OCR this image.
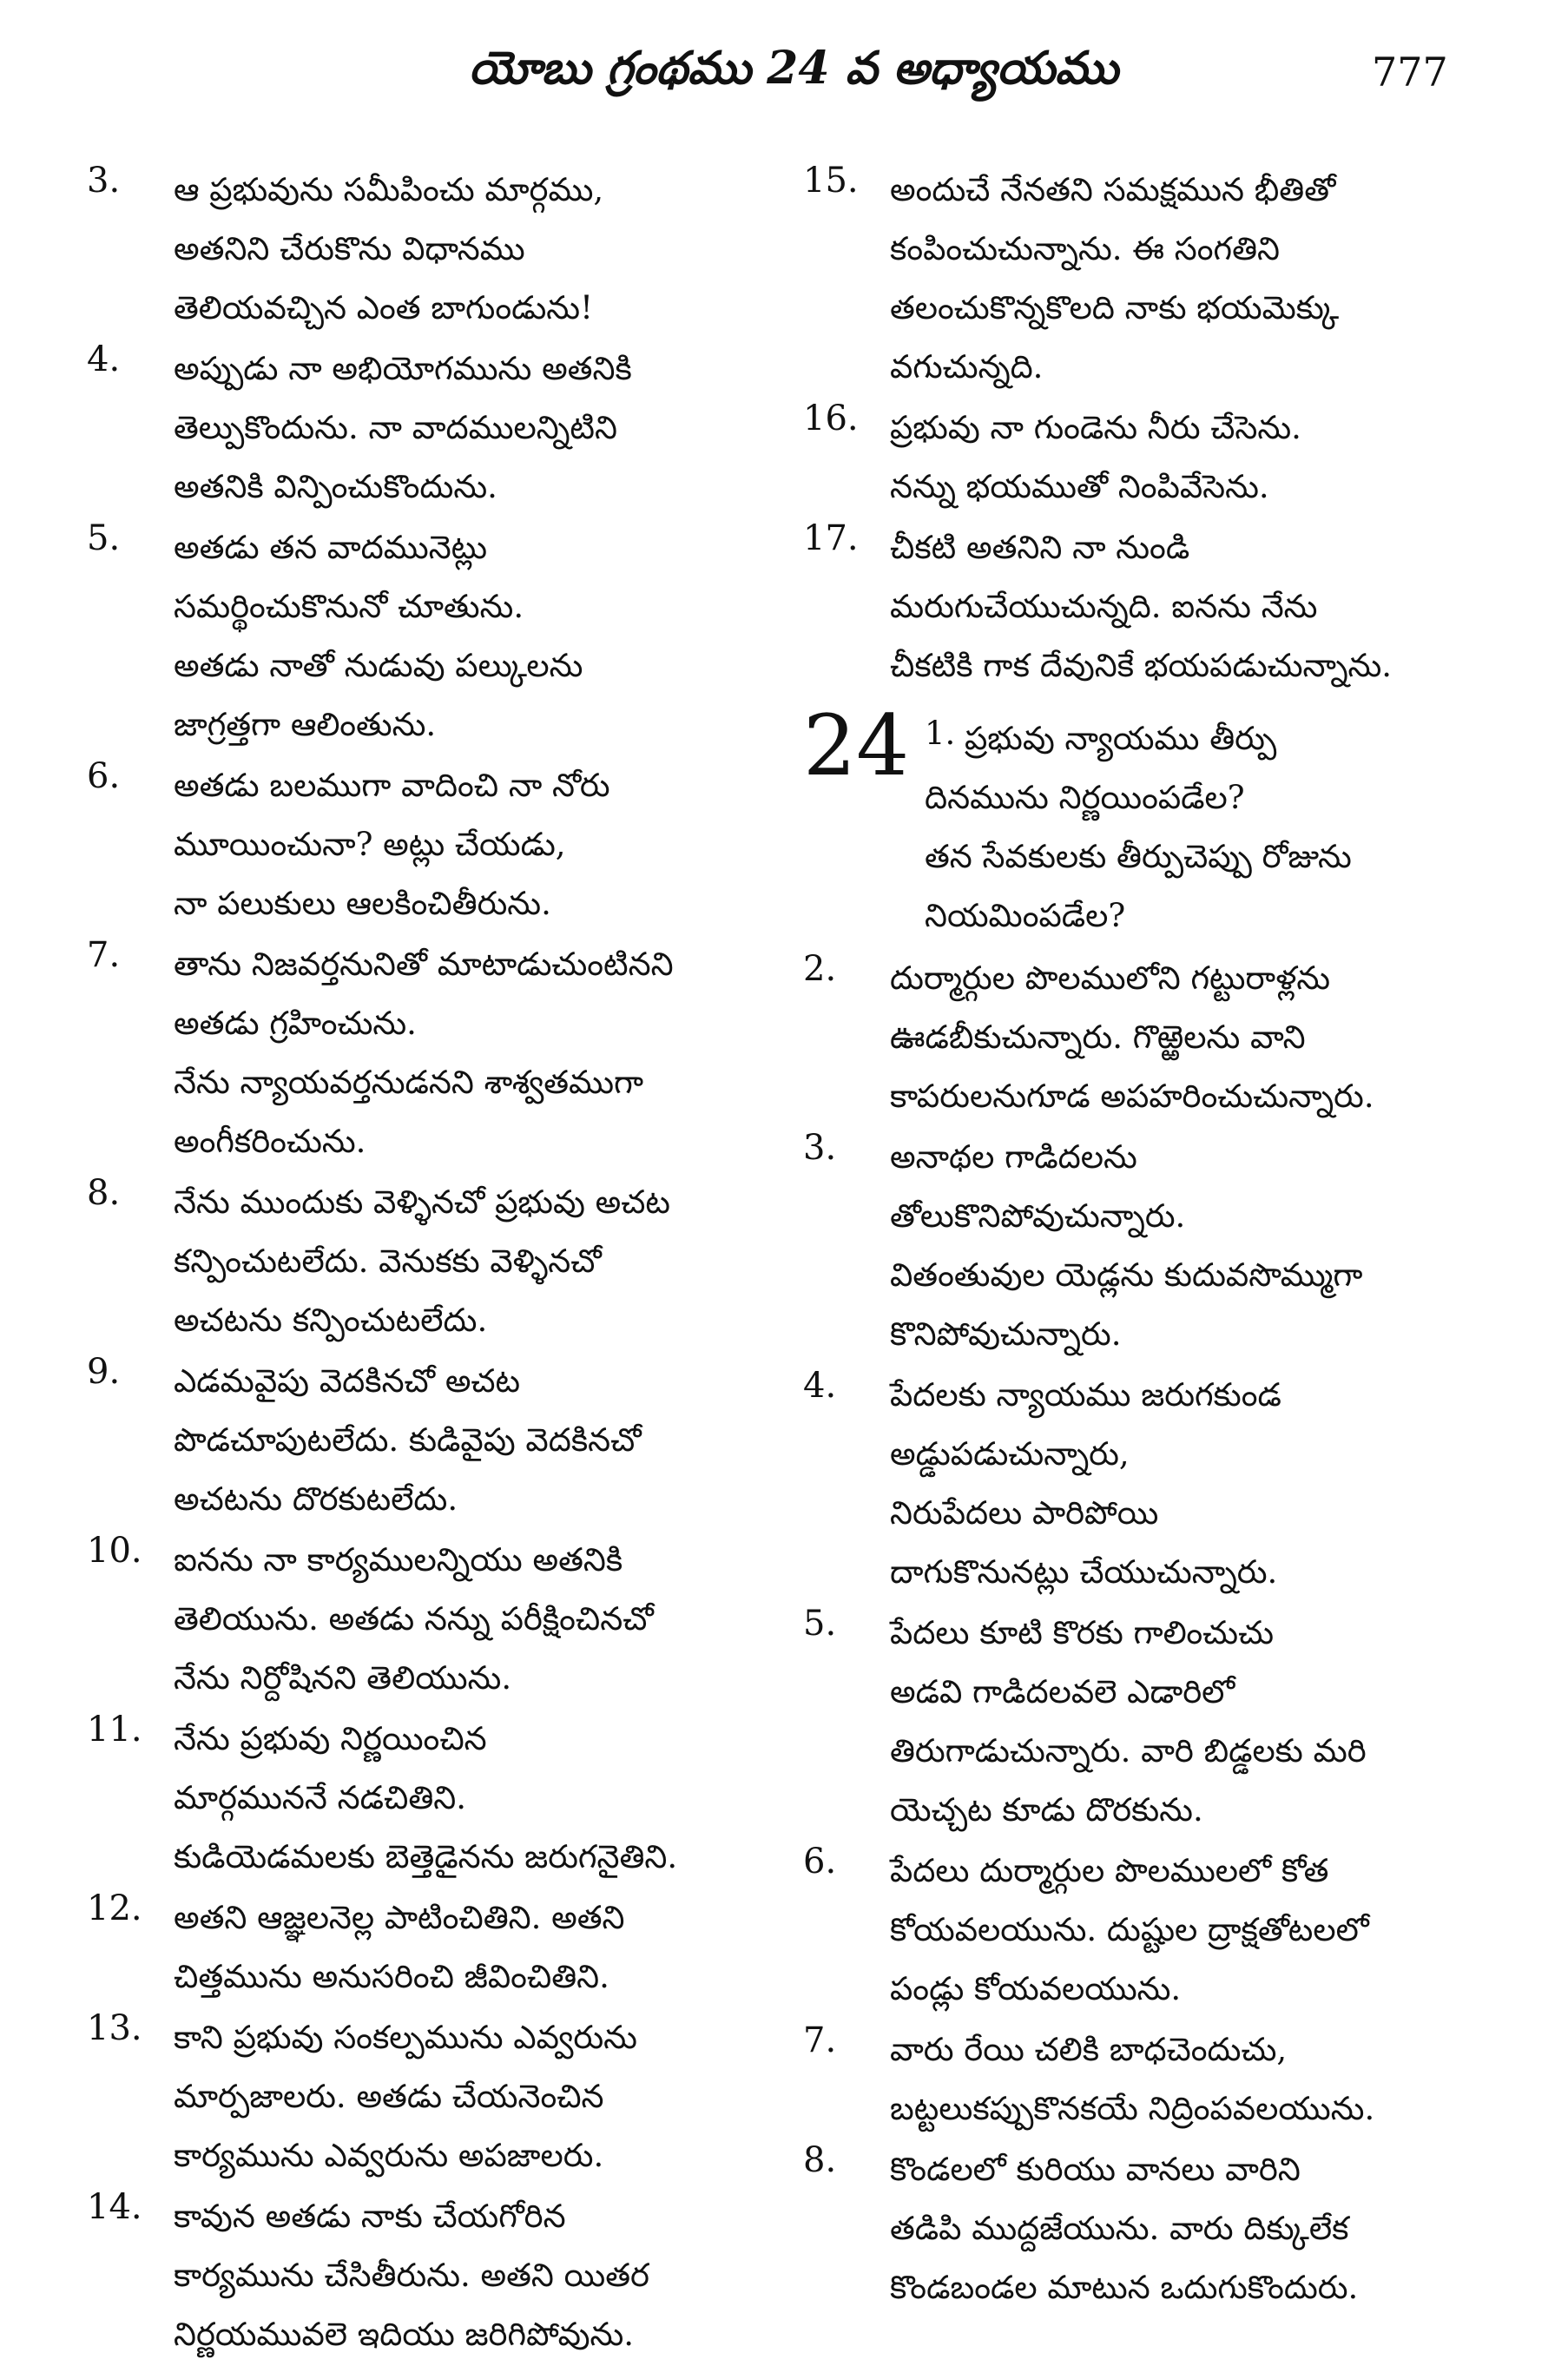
యోబు గ్రంథము 24 వ అధ్యాయము	777
3. ఆ ప్రభువును సమీపించు మార్గము,
అతనిని చేరుకొను విధానము
తెలియవచ్చిన ఎంత బాగుండును!
4. అప్పుడు నా అభియోగమును అతనికి
తెల్పుకొందును. నా వాదములన్నిటిని
అతనికి విన్పించుకొందును.
5. అతడు తన వాదమునెట్లు
సమర్థించుకొనునో చూతును.
అతడు నాతో నుడువు పల్కులను
జాగ్రత్తగా ఆలింతును.
6. అతడు బలముగా వాదించి నా నోరు
మూయించునా? అట్లు చేయడు,
నా పలుకులు ఆలకించితీరును.
7. తాను నిజవర్తనునితో మాటాడుచుంటినని
అతడు గ్రహించును.
నేను న్యాయవర్తనుడనని శాశ్వతముగా
అంగీకరించును.
8. నేను ముందుకు వెళ్ళినచో ప్రభువు అచట
కన్పించుటలేదు. వెనుకకు వెళ్ళినచో
అచటను కన్పించుటలేదు.
9. ఎడమవైపు వెదకినచో అచట
పొడచూపుటలేదు. కుడివైపు వెదకినచో
అచటను దొరకుటలేదు.
10. ఐనను నా కార్యములన్నియు అతనికి
తెలియును. అతడు నన్ను పరీక్షించినచో
నేను నిర్దోషినని తెలియును.
11. నేను ప్రభువు నిర్ణయించిన
మార్గముననే నడచితిని.
కుడియెడమలకు బెత్తెడైనను జరుగనైతిని.
12. అతని ఆజ్ఞలనెల్ల పాటించితిని. అతని
చిత్తమును అనుసరించి జీవించితిని.
13. కాని ప్రభువు సంకల్పమును ఎవ్వరును
మార్పజాలరు. అతడు చేయనెంచిన
కార్యమును ఎవ్వరును అపజాలరు.
14. కావున అతడు నాకు చేయగోరిన
కార్యమును చేసితీరును. అతని యితర
నిర్ణయమువలె ఇదియు జరిగిపోవును.
15. అందుచే నేనతని సమక్షమున భీతితో
కంపించుచున్నాను. ఈ సంగతిని
తలంచుకొన్నకొలది నాకు భయమెక్కు
వగుచున్నది.
16. ప్రభువు నా గుండెను నీరు చేసెను.
నన్ను భయముతో నింపివేసెను.
17. చీకటి అతనిని నా నుండి
మరుగుచేయుచున్నది. ఐనను నేను
చీకటికి గాక దేవునికే భయపడుచున్నాను.
24 1. ప్రభువు న్యాయము తీర్పు
దినమును నిర్ణయింపడేల?
తన సేవకులకు తీర్పుచెప్పు రోజును
నియమింపడేల?
2. దుర్మార్గుల పొలములోని గట్టురాళ్లను
ఊడబీకుచున్నారు. గొఱ్ఱెలను వాని
కాపరులనుగూడ అపహరించుచున్నారు.
3. అనాథల గాడిదలను
తోలుకొనిపోవుచున్నారు.
వితంతువుల యెడ్లను కుదువసొమ్ముగా
కొనిపోవుచున్నారు.
4. పేదలకు న్యాయము జరుగకుండ
అడ్డుపడుచున్నారు,
నిరుపేదలు పారిపోయి
దాగుకొనునట్లు చేయుచున్నారు.
5. పేదలు కూటి కొరకు గాలించుచు
అడవి గాడిదలవలె ఎడారిలో
తిరుగాడుచున్నారు. వారి బిడ్డలకు మరి
యెచ్చట కూడు దొరకును.
6. పేదలు దుర్మార్గుల పొలములలో కోత
కోయవలయును. దుష్టుల ద్రాక్షతోటలలో
పండ్లు కోయవలయును.
7. వారు రేయి చలికి బాధచెందుచు,
బట్టలుకప్పుకొనకయే నిద్రింపవలయును.
8. కొండలలో కురియు వానలు వారిని
తడిపి ముద్దజేయును. వారు దిక్కులేక
కొండబండల మాటున ఒదుగుకొందురు.
